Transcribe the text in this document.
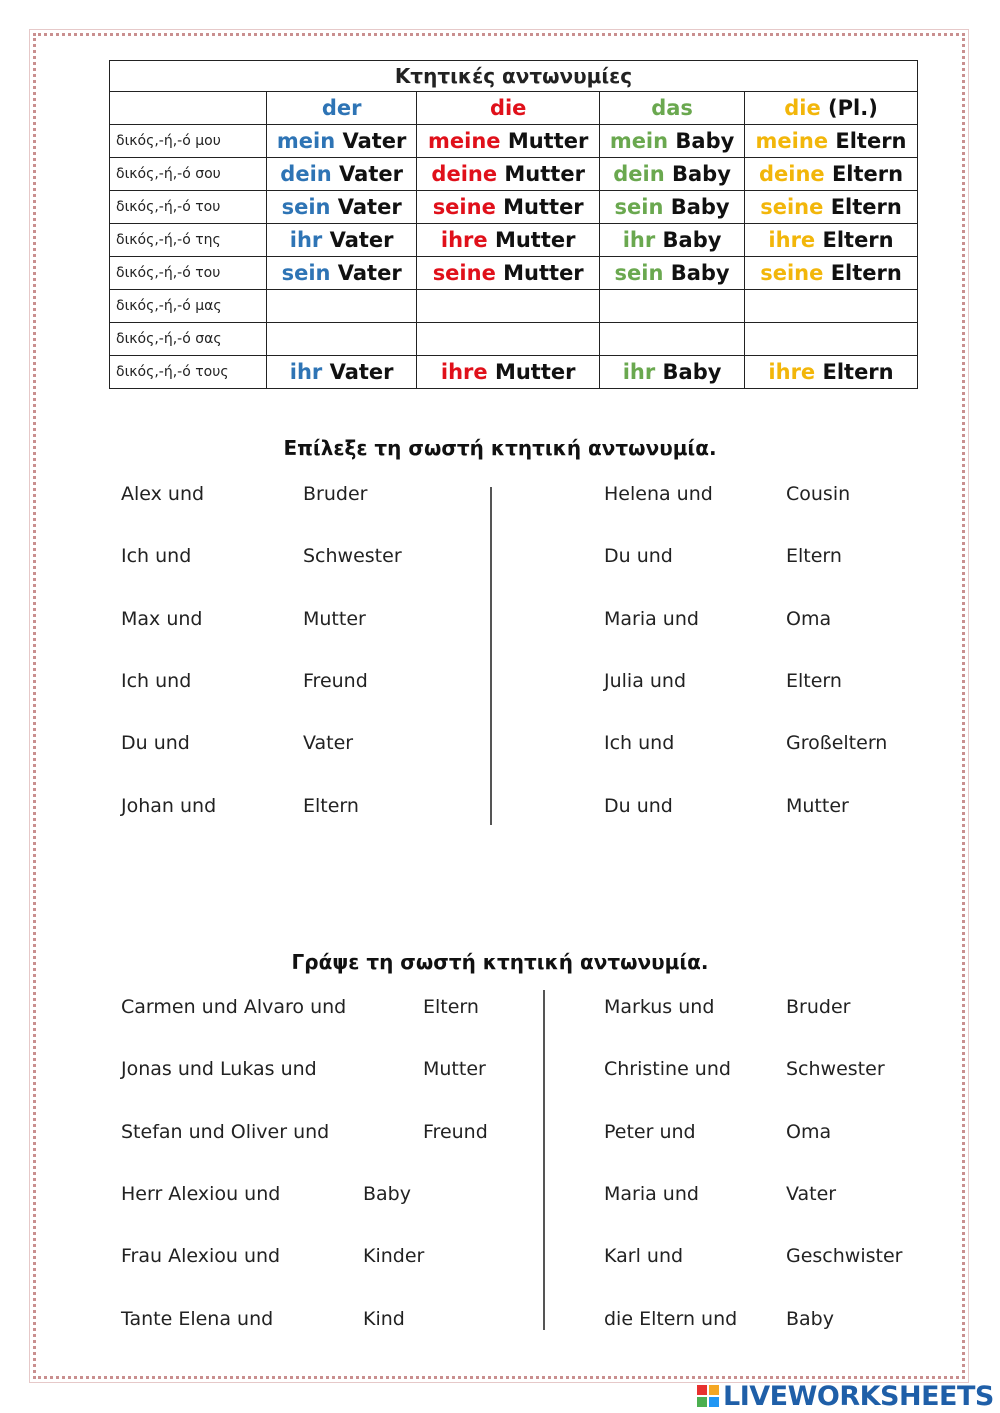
Κτητικές αντωνυμίες				
	der	die	das	die (Pl.)
δικός,-ή,-ό μου	mein Vater	meine Mutter	mein Baby	meine Eltern
δικός,-ή,-ό σου	dein Vater	deine Mutter	dein Baby	deine Eltern
δικός,-ή,-ό του	sein Vater	seine Mutter	sein Baby	seine Eltern
δικός,-ή,-ό της	ihr Vater	ihre Mutter	ihr Baby	ihre Eltern
δικός,-ή,-ό του	sein Vater	seine Mutter	sein Baby	seine Eltern
δικός,-ή,-ό μας				
δικός,-ή,-ό σας				
δικός,-ή,-ό τους	ihr Vater	ihre Mutter	ihr Baby	ihre Eltern
Επίλεξε τη σωστή κτητική αντωνυμία.
Alex und	Bruder
Ich und	Schwester
Max und	Mutter
Ich und	Freund
Du und	Vater
Johan und	Eltern
Helena und	Cousin
Du und	Eltern
Maria und	Oma
Julia und	Eltern
Ich und	Großeltern
Du und	Mutter
Γράψε τη σωστή κτητική αντωνυμία.
Carmen und Alvaro und	Eltern
Jonas und Lukas und	Mutter
Stefan und Oliver und	Freund
Herr Alexiou und	Baby
Frau Alexiou und	Kinder
Tante Elena und	Kind
Markus und	Bruder
Christine und	Schwester
Peter und	Oma
Maria und	Vater
Karl und	Geschwister
die Eltern und	Baby
LIVEWORKSHEETS
